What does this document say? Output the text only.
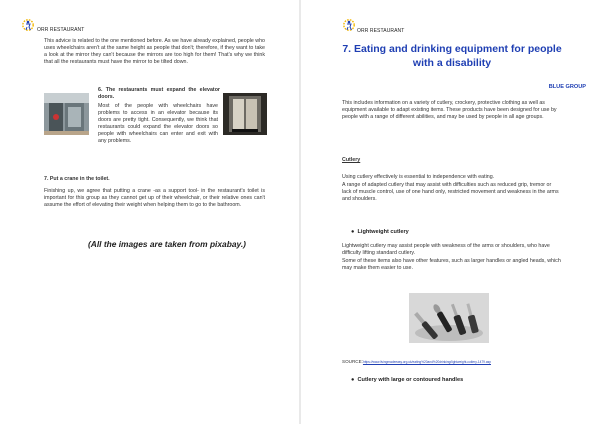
ORR RESTAURANT
This advice is related to the one mentioned before. As we have already explained, people who uses wheelchairs aren't at the same height as people that don't; therefore, if they want to take a look at the mirror they can't because the mirrors are too high for them! That's why we think that all the restaurants must have the mirror to be tilted down.
6. The restaurants must expand the elevator doors.
Most of the people with wheelchairs have problems to access in an elevator because its doors are pretty tight. Consequently, we think that restaurants could expand the elevator doors so people with wheelchairs can enter and exit with any problems.
7. Put a crane in the toilet.
Finishing up, we agree that putting a crane -as a support tool- in the restaurant's toilet is important for this group as they cannot get up of their wheelchair, or their relative ones can't assume the effort of elevating their weight when helping them to go to the bathroom.
(All the images are taken from pixabay.)
ORR RESTAURANT
7. Eating and drinking equipment for people with a disability
BLUE GROUP
This includes information on a variety of cutlery, crockery, protective clothing as well as equipment available to adapt existing items. These products have been designed for use by people with a range of different abilities, and may be used by people in all age groups.
Cutlery
Using cutlery effectively is essential to independence with eating.
A range of adapted cutlery that may assist with difficulties such as reduced grip, tremor or lack of muscle control, use of one hand only, restricted movement and weakness in the arms and shoulders.
● Lightweight cutlery
Lightweight cutlery may assist people with weakness of the arms or shoulders, who have difficulty lifting standard cutlery.
Some of these items also have other features, such as larger handles or angled heads, which may make them easier to use.
SOURCE:https://www.livingmadeeasy.org.uk/eating%20and%20drinking/lightweight-cutlery-1479.asp
● Cutlery with large or contoured handles
